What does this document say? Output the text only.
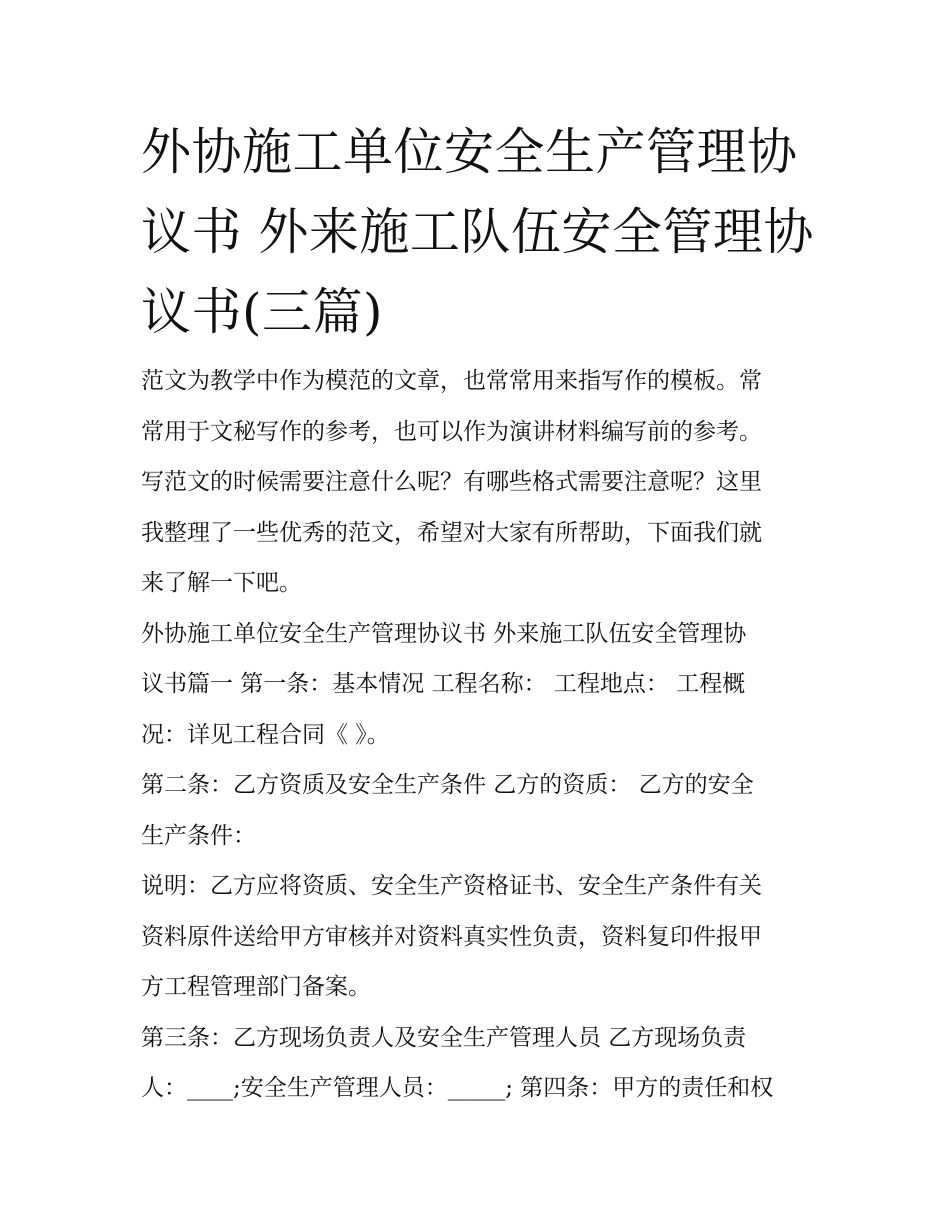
外协施工单位安全生产管理协
议书 外来施工队伍安全管理协
议书(三篇)
范文为教学中作为模范的文章，也常常用来指写作的模板。常
常用于文秘写作的参考，也可以作为演讲材料编写前的参考。
写范文的时候需要注意什么呢？有哪些格式需要注意呢？这里
我整理了一些优秀的范文，希望对大家有所帮助，下面我们就
来了解一下吧。
外协施工单位安全生产管理协议书 外来施工队伍安全管理协
议书篇一 第一条：基本情况 工程名称： 工程地点： 工程概
况：详见工程合同《 》。
第二条：乙方资质及安全生产条件 乙方的资质： 乙方的安全
生产条件：
说明：乙方应将资质、安全生产资格证书、安全生产条件有关
资料原件送给甲方审核并对资料真实性负责，资料复印件报甲
方工程管理部门备案。
第三条：乙方现场负责人及安全生产管理人员 乙方现场负责
人：____;安全生产管理人员：_____; 第四条：甲方的责任和权
